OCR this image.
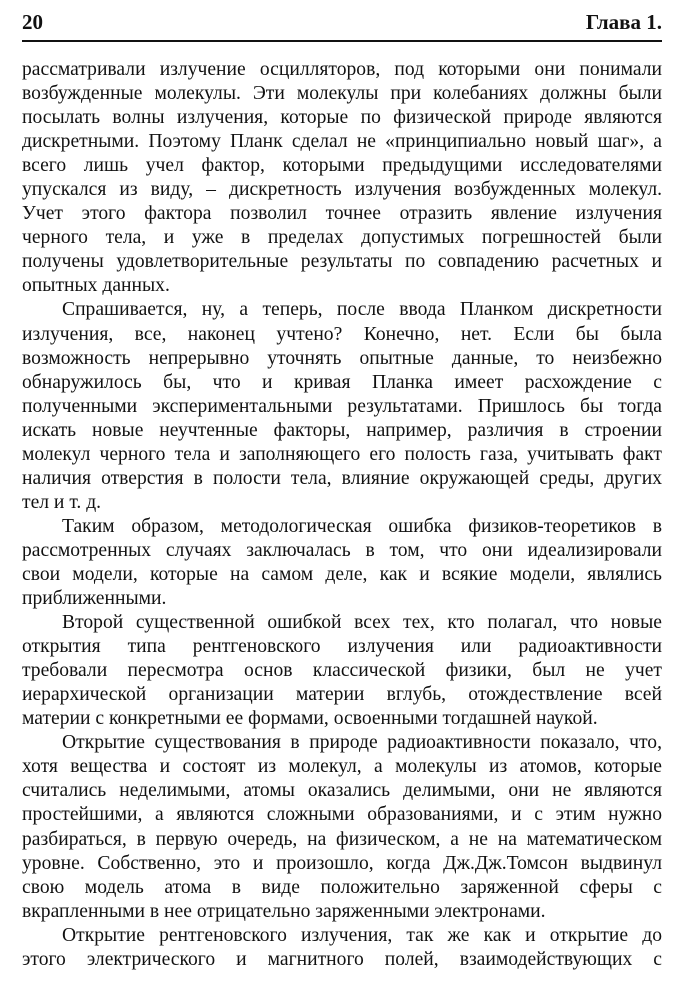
20	Глава 1.
рассматривали излучение осцилляторов, под которыми они понимали
возбужденные молекулы. Эти молекулы при колебаниях должны были
посылать волны излучения, которые по физической природе являются
дискретными. Поэтому Планк сделал не «принципиально новый шаг», а
всего лишь учел фактор, которыми предыдущими исследователями
упускался из виду, – дискретность излучения возбужденных молекул.
Учет этого фактора позволил точнее отразить явление излучения
черного тела, и уже в пределах допустимых погрешностей были
получены удовлетворительные результаты по совпадению расчетных и
опытных данных.
Спрашивается, ну, а теперь, после ввода Планком дискретности
излучения, все, наконец учтено? Конечно, нет. Если бы была
возможность непрерывно уточнять опытные данные, то неизбежно
обнаружилось бы, что и кривая Планка имеет расхождение с
полученными экспериментальными результатами. Пришлось бы тогда
искать новые неучтенные факторы, например, различия в строении
молекул черного тела и заполняющего его полость газа, учитывать факт
наличия отверстия в полости тела, влияние окружающей среды, других
тел и т. д.
Таким образом, методологическая ошибка физиков-теоретиков в
рассмотренных случаях заключалась в том, что они идеализировали
свои модели, которые на самом деле, как и всякие модели, являлись
приближенными.
Второй существенной ошибкой всех тех, кто полагал, что новые
открытия типа рентгеновского излучения или радиоактивности
требовали пересмотра основ классической физики, был не учет
иерархической организации материи вглубь, отождествление всей
материи с конкретными ее формами, освоенными тогдашней наукой.
Открытие существования в природе радиоактивности показало, что,
хотя вещества и состоят из молекул, а молекулы из атомов, которые
считались неделимыми, атомы оказались делимыми, они не являются
простейшими, а являются сложными образованиями, и с этим нужно
разбираться, в первую очередь, на физическом, а не на математическом
уровне. Собственно, это и произошло, когда Дж.Дж.Томсон выдвинул
свою модель атома в виде положительно заряженной сферы с
вкрапленными в нее отрицательно заряженными электронами.
Открытие рентгеновского излучения, так же как и открытие до
этого электрического и магнитного полей, взаимодействующих с
